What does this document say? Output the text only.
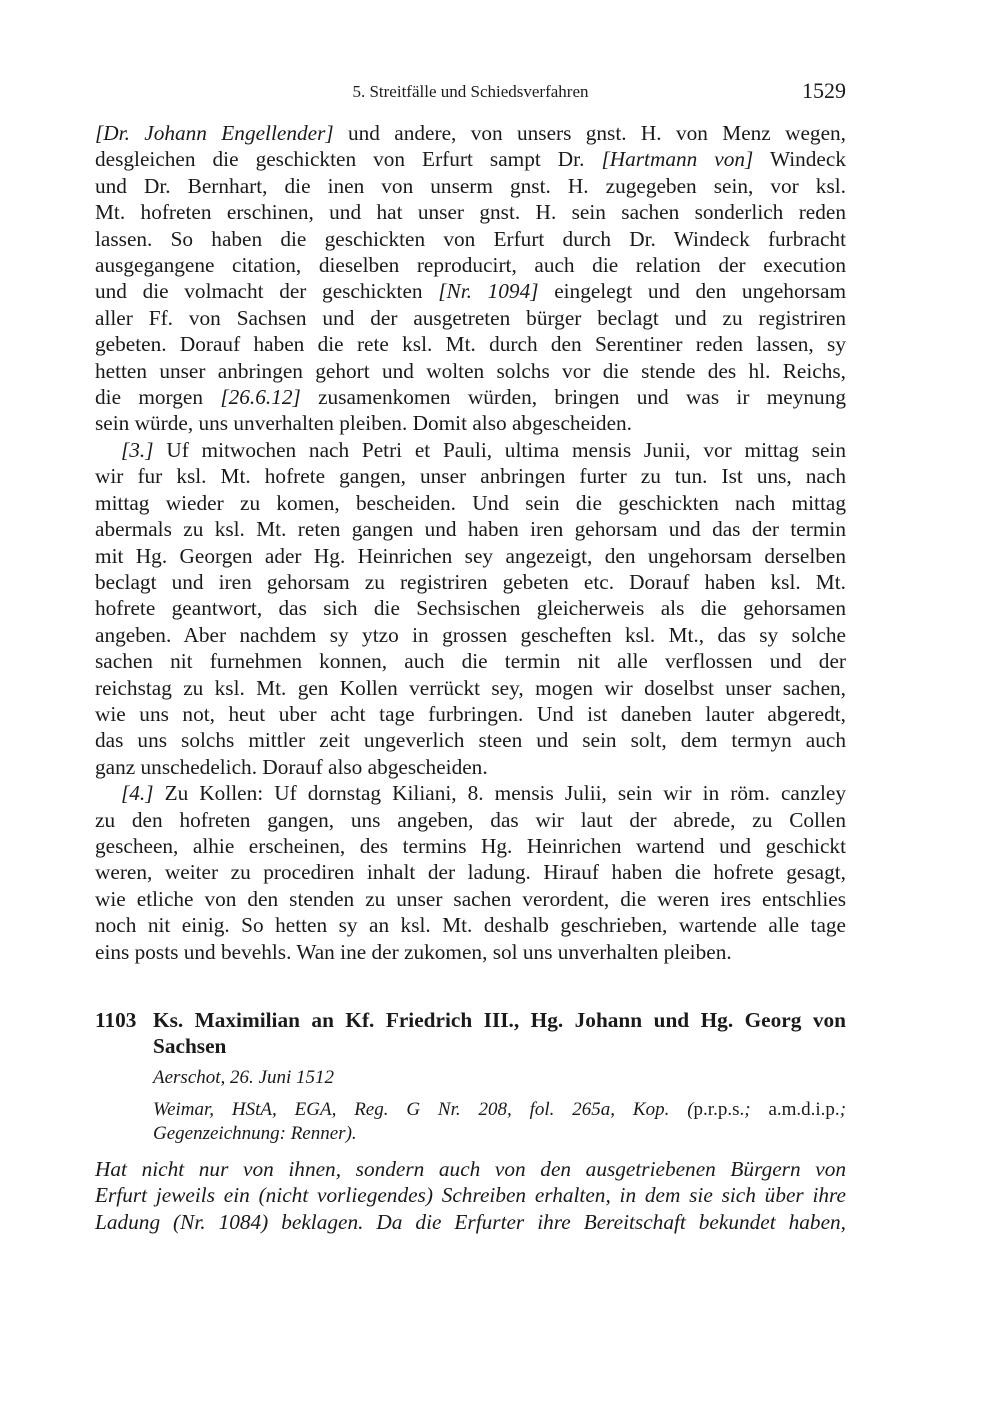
5. Streitfälle und Schiedsverfahren	1529
[Dr. Johann Engellender] und andere, von unsers gnst. H. von Menz wegen,
desgleichen die geschickten von Erfurt sampt Dr. [Hartmann von] Windeck
und Dr. Bernhart, die inen von unserm gnst. H. zugegeben sein, vor ksl.
Mt. hofreten erschinen, und hat unser gnst. H. sein sachen sonderlich reden
lassen. So haben die geschickten von Erfurt durch Dr. Windeck furbracht
ausgegangene citation, dieselben reproducirt, auch die relation der execution
und die volmacht der geschickten [Nr. 1094] eingelegt und den ungehorsam
aller Ff. von Sachsen und der ausgetreten bürger beclagt und zu registriren
gebeten. Dorauf haben die rete ksl. Mt. durch den Serentiner reden lassen, sy
hetten unser anbringen gehort und wolten solchs vor die stende des hl. Reichs,
die morgen [26.6.12] zusamenkomen würden, bringen und was ir meynung
sein würde, uns unverhalten pleiben. Domit also abgescheiden.
[3.] Uf mitwochen nach Petri et Pauli, ultima mensis Junii, vor mittag sein
wir fur ksl. Mt. hofrete gangen, unser anbringen furter zu tun. Ist uns, nach
mittag wieder zu komen, bescheiden. Und sein die geschickten nach mittag
abermals zu ksl. Mt. reten gangen und haben iren gehorsam und das der termin
mit Hg. Georgen ader Hg. Heinrichen sey angezeigt, den ungehorsam derselben
beclagt und iren gehorsam zu registriren gebeten etc. Dorauf haben ksl. Mt.
hofrete geantwort, das sich die Sechsischen gleicherweis als die gehorsamen
angeben. Aber nachdem sy ytzo in grossen gescheften ksl. Mt., das sy solche
sachen nit furnehmen konnen, auch die termin nit alle verflossen und der
reichstag zu ksl. Mt. gen Kollen verrückt sey, mogen wir doselbst unser sachen,
wie uns not, heut uber acht tage furbringen. Und ist daneben lauter abgeredt,
das uns solchs mittler zeit ungeverlich steen und sein solt, dem termyn auch
ganz unschedelich. Dorauf also abgescheiden.
[4.] Zu Kollen: Uf dornstag Kiliani, 8. mensis Julii, sein wir in röm. canzley
zu den hofreten gangen, uns angeben, das wir laut der abrede, zu Collen
gescheen, alhie erscheinen, des termins Hg. Heinrichen wartend und geschickt
weren, weiter zu procediren inhalt der ladung. Hirauf haben die hofrete gesagt,
wie etliche von den stenden zu unser sachen verordent, die weren ires entschlies
noch nit einig. So hetten sy an ksl. Mt. deshalb geschrieben, wartende alle tage
eins posts und bevehls. Wan ine der zukomen, sol uns unverhalten pleiben.
1103 Ks. Maximilian an Kf. Friedrich III., Hg. Johann und Hg. Georg von
Sachsen
Aerschot, 26. Juni 1512
Weimar, HStA, EGA, Reg. G Nr. 208, fol. 265a, Kop. (p.r.p.s.; a.m.d.i.p.;
Gegenzeichnung: Renner).
Hat nicht nur von ihnen, sondern auch von den ausgetriebenen Bürgern von
Erfurt jeweils ein (nicht vorliegendes) Schreiben erhalten, in dem sie sich über ihre
Ladung (Nr. 1084) beklagen. Da die Erfurter ihre Bereitschaft bekundet haben,
